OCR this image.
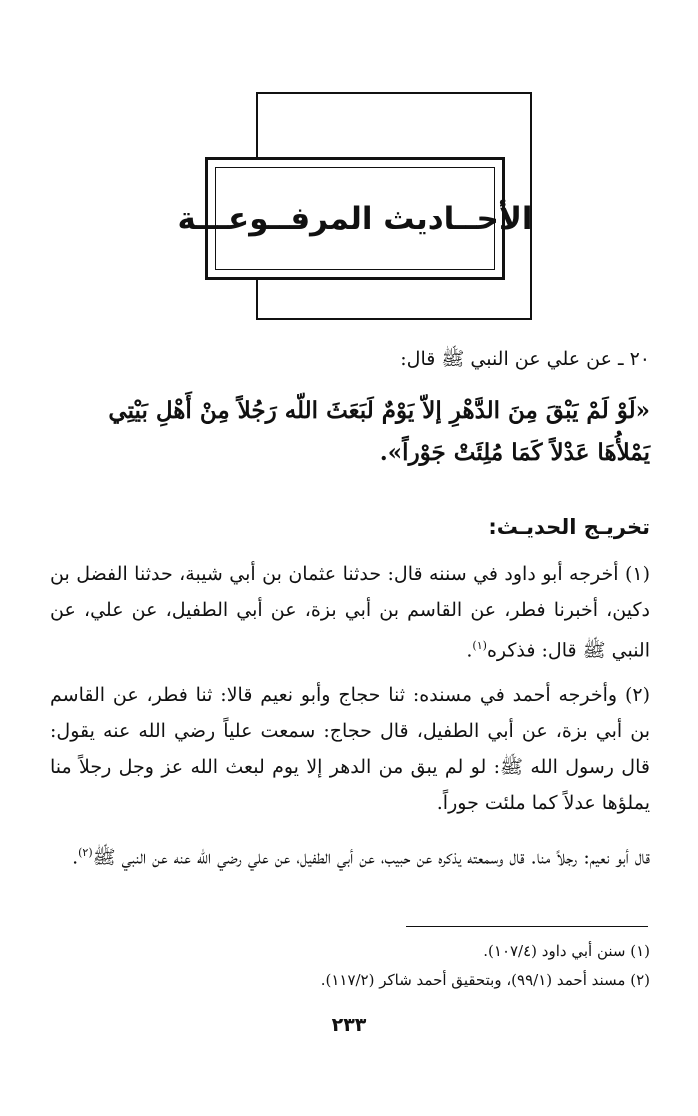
الأحــاديث المرفــوعـــة
٢٠ ـ عن علي عن النبي ﷺ قال:
«لَوْ لَمْ يَبْقَ مِنَ الدَّهْرِ إلاّ يَوْمٌ لَبَعَثَ اللّه رَجُلاً مِنْ أَهْلِ بَيْتِي
يَمْلأُهَا عَدْلاً كَمَا مُلِئَتْ جَوْراً».
تخريـج الحديـث:
(١) أخرجه أبو داود في سننه قال: حدثنا عثمان بن أبي شيبة، حدثنا الفضل بن دكين، أخبرنا فطر، عن القاسم بن أبي بزة، عن أبي الطفيل، عن علي، عن النبي ﷺ قال: فذكره$^{(١)}$.
(٢) وأخرجه أحمد في مسنده: ثنا حجاج وأبو نعيم قالا: ثنا فطر، عن القاسم بن أبي بزة، عن أبي الطفيل، قال حجاج: سمعت علياً رضي الله عنه يقول: قال رسول الله ﷺ: لو لم يبق من الدهر إلا يوم لبعث الله عز وجل رجلاً منا يملؤها عدلاً كما ملئت جوراً.
قال أبو نعيم: رجلاً منا. قال وسمعته يذكره عن حبيب، عن أبي الطفيل، عن علي رضي الله عنه عن النبي ﷺ$^{(٢)}$.
(١) سنن أبي داود (١٠٧/٤).
(٢) مسند أحمد (٩٩/١)، وبتحقيق أحمد شاكر (١١٧/٢).
٢٣٣
